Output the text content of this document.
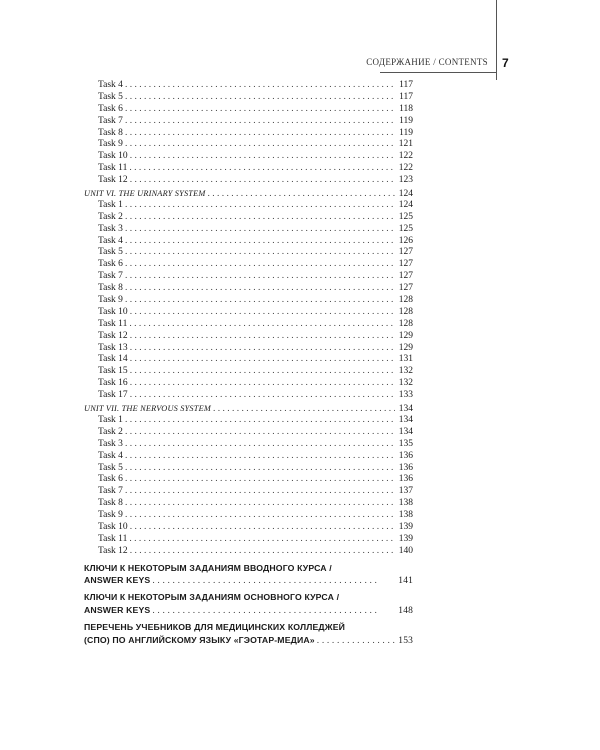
СОДЕРЖАНИЕ / CONTENTS 7
Task 4 . . .	117
Task 5 . . .	117
Task 6 . . .	118
Task 7 . . .	119
Task 8 . . .	119
Task 9 . . .	121
Task 10 . . .	122
Task 11 . . .	122
Task 12 . . .	123
UNIT VI. THE URINARY SYSTEM . . .	124
Task 1 . . .	124
Task 2 . . .	125
Task 3 . . .	125
Task 4 . . .	126
Task 5 . . .	127
Task 6 . . .	127
Task 7 . . .	127
Task 8 . . .	127
Task 9 . . .	128
Task 10 . . .	128
Task 11 . . .	128
Task 12 . . .	129
Task 13 . . .	129
Task 14 . . .	131
Task 15 . . .	132
Task 16 . . .	132
Task 17 . . .	133
UNIT VII. THE NERVOUS SYSTEM . . .	134
Task 1 . . .	134
Task 2 . . .	134
Task 3 . . .	135
Task 4 . . .	136
Task 5 . . .	136
Task 6 . . .	136
Task 7 . . .	137
Task 8 . . .	138
Task 9 . . .	138
Task 10 . . .	139
Task 11 . . .	139
Task 12 . . .	140
КЛЮЧИ К НЕКОТОРЫМ ЗАДАНИЯМ ВВОДНОГО КУРСА /
ANSWER KEYS . . .	141
КЛЮЧИ К НЕКОТОРЫМ ЗАДАНИЯМ ОСНОВНОГО КУРСА /
ANSWER KEYS . . .	148
ПЕРЕЧЕНЬ УЧЕБНИКОВ ДЛЯ МЕДИЦИНСКИХ КОЛЛЕДЖЕЙ
(СПО) ПО АНГЛИЙСКОМУ ЯЗЫКУ «ГЭОТАР-МЕДИА» . . .	153
